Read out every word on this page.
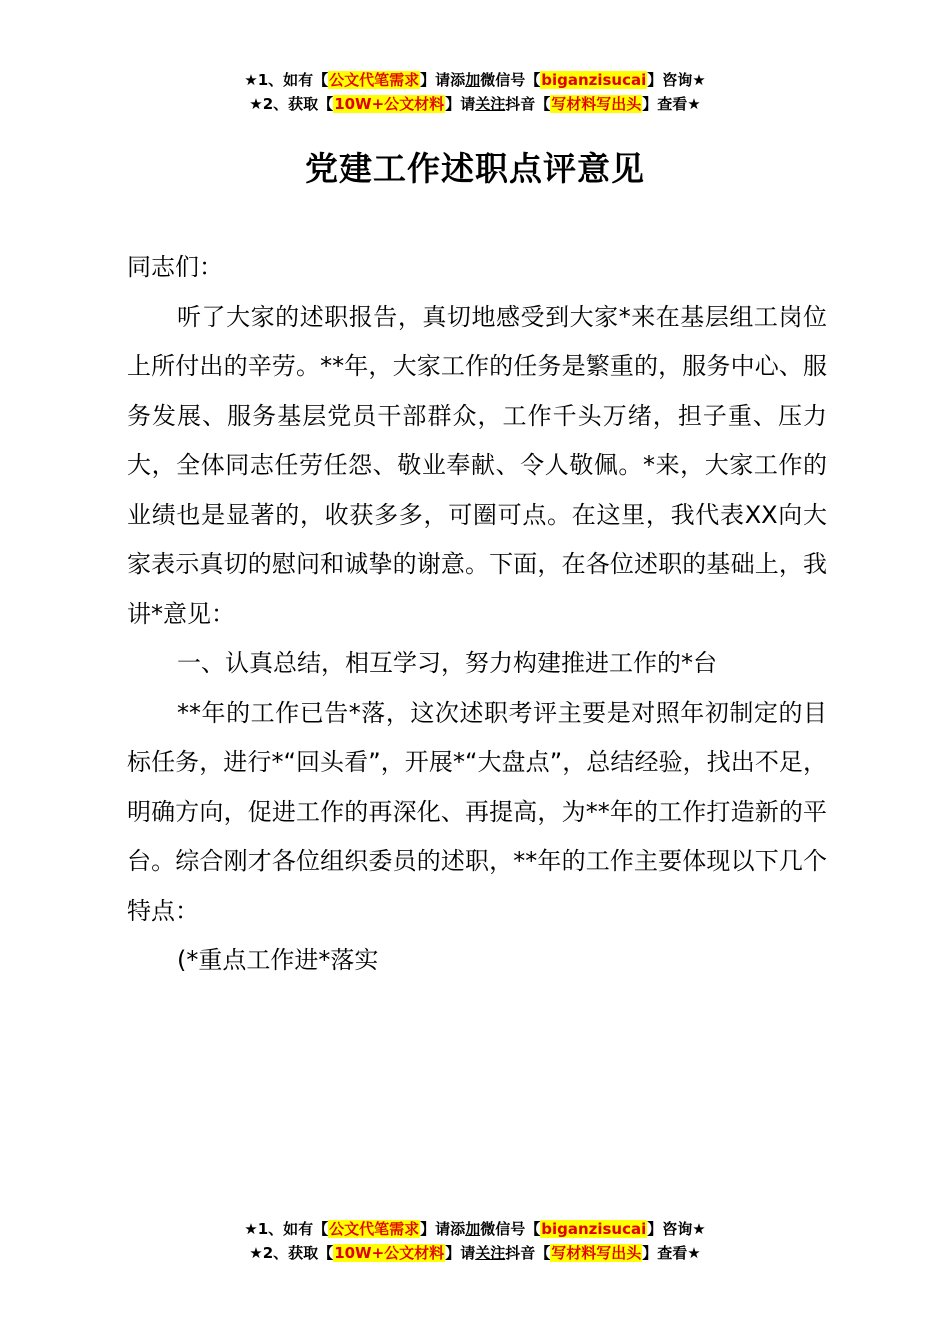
★1、如有【公文代笔需求】请添加微信号【biganzisucai】咨询★
★2、获取【10W+公文材料】请关注抖音【写材料写出头】查看★
党建工作述职点评意见

同志们：

听了大家的述职报告，真切地感受到大家*来在基层组工岗位上所付出的辛劳。**年，大家工作的任务是繁重的，服务中心、服务发展、服务基层党员干部群众，工作千头万绪，担子重、压力大，全体同志任劳任怨、敬业奉献、令人敬佩。*来，大家工作的业绩也是显著的，收获多多，可圈可点。在这里，我代表XX向大家表示真切的慰问和诚挚的谢意。下面，在各位述职的基础上，我讲*意见：

一、认真总结，相互学习，努力构建推进工作的*台

**年的工作已告*落，这次述职考评主要是对照年初制定的目标任务，进行*“回头看”，开展*“大盘点”，总结经验，找出不足，明确方向，促进工作的再深化、再提高，为**年的工作打造新的平台。综合刚才各位组织委员的述职，**年的工作主要体现以下几个特点：

(*重点工作进*落实

★1、如有【公文代笔需求】请添加微信号【biganzisucai】咨询★
★2、获取【10W+公文材料】请关注抖音【写材料写出头】查看★
